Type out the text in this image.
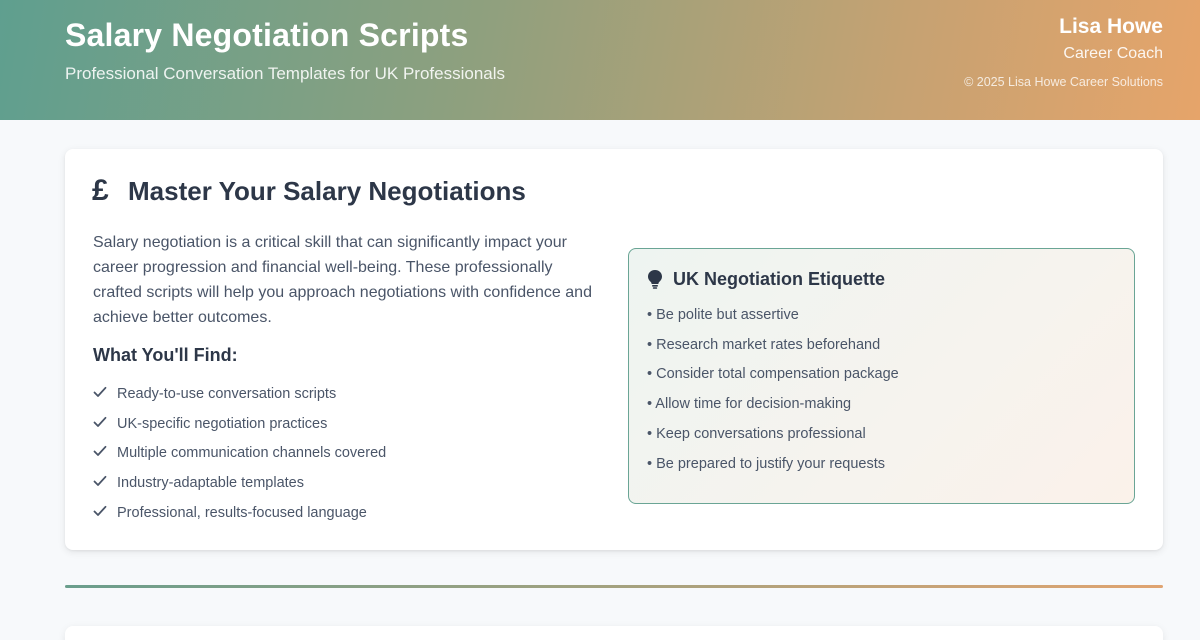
Salary Negotiation Scripts
Professional Conversation Templates for UK Professionals
Lisa Howe
Career Coach
© 2025 Lisa Howe Career Solutions
£ Master Your Salary Negotiations

Salary negotiation is a critical skill that can significantly impact your career progression and financial well-being. These professionally crafted scripts will help you approach negotiations with confidence and achieve better outcomes.

What You'll Find:
Ready-to-use conversation scripts
UK-specific negotiation practices
Multiple communication channels covered
Industry-adaptable templates
Professional, results-focused language
UK Negotiation Etiquette
• Be polite but assertive
• Research market rates beforehand
• Consider total compensation package
• Allow time for decision-making
• Keep conversations professional
• Be prepared to justify your requests
